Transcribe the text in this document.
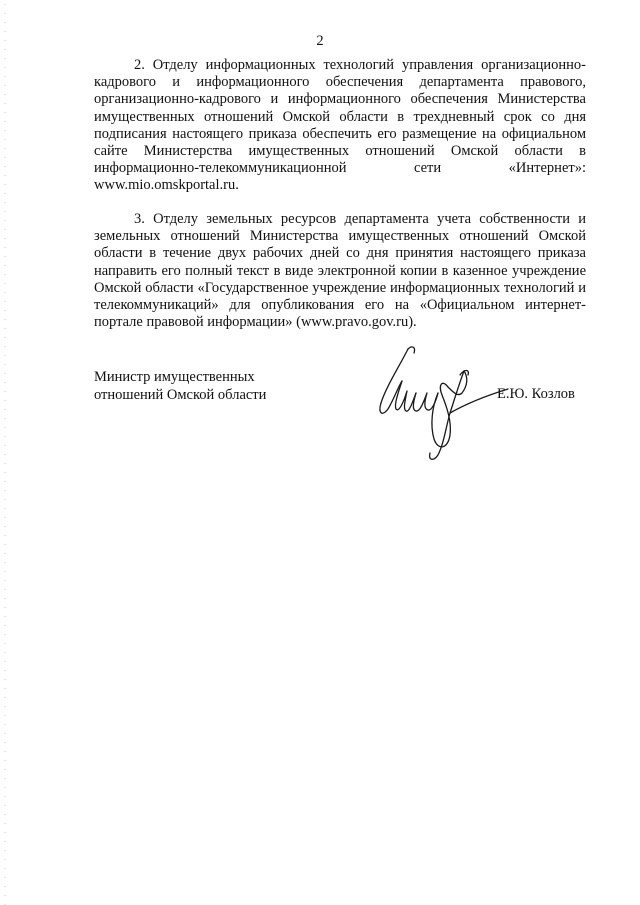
2

2. Отделу информационных технологий управления организационно-кадрового и информационного обеспечения департамента правового, организационно-кадрового и информационного обеспечения Министерства имущественных отношений Омской области в трехдневный срок со дня подписания настоящего приказа обеспечить его размещение на официальном сайте Министерства имущественных отношений Омской области в информационно-телекоммуникационной сети «Интернет»: www.mio.omskportal.ru.

3. Отделу земельных ресурсов департамента учета собственности и земельных отношений Министерства имущественных отношений Омской области в течение двух рабочих дней со дня принятия настоящего приказа направить его полный текст в виде электронной копии в казенное учреждение Омской области «Государственное учреждение информационных технологий и телекоммуникаций» для опубликования его на «Официальном интернет-портале правовой информации» (www.pravo.gov.ru).

Министр имущественных
отношений Омской области	Е.Ю. Козлов
